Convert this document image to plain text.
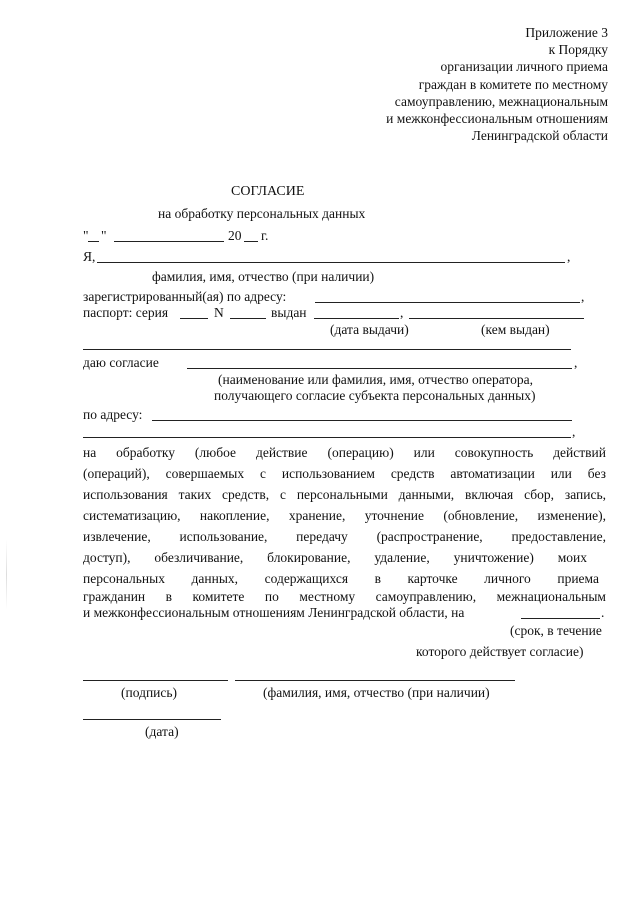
Приложение 3
к Порядку
организации личного приема
граждан в комитете по местному
самоуправлению, межнациональным
и межконфессиональным отношениям
Ленинградской области
СОГЛАСИЕ
на обработку персональных данных
" "	20 г.
Я,	,
фамилия, имя, отчество (при наличии)
зарегистрированный(ая) по адресу:	,
паспорт: серия	N	выдан	,
(дата выдачи)	(кем выдан)
даю согласие	,
(наименование или фамилия, имя, отчество оператора,
получающего согласие субъекта персональных данных)
по адресу:
,
на обработку (любое действие (операцию) или совокупность действий
(операций), совершаемых с использованием средств автоматизации или без
использования таких средств, с персональными данными, включая сбор, запись,
систематизацию, накопление, хранение, уточнение (обновление, изменение),
извлечение, использование, передачу (распространение, предоставление,
доступ), обезличивание, блокирование, удаление, уничтожение) моих
персональных данных, содержащихся в карточке личного приема
гражданин в комитете по местному самоуправлению, межнациональным
и межконфессиональным отношениям Ленинградской области, на	.
(срок, в течение
которого действует согласие)
(подпись)	(фамилия, имя, отчество (при наличии)
(дата)
